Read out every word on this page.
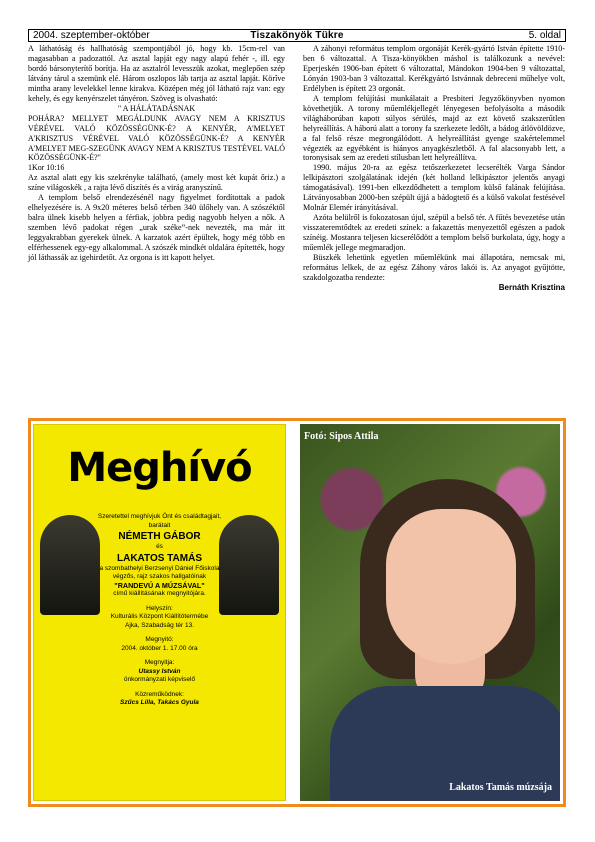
2004. szeptember-október	Tiszakönyök Tükre	5. oldal

A láthatóság és hallhatóság szempontjából jó, hogy kb. 15cm-rel van magasabban a padozattól. Az asztal lapját egy nagy alapú fehér -, ill. egy bordó bársonyterítő borítja. Ha az asztalról levesszük azokat, meglepően szép látvány tárul a szemünk elé. Három oszlopos láb tartja az asztal lapját. Körîve mintha arany levelekkel lenne kirakva. Középen még jól látható rajz van: egy kehely, és egy kenyérszelet tányéron. Szöveg is olvasható:

" A HÁLÁTADÁSNAK

POHÁRA? MELLYET MEGÁLDUNK AVAGY NEM A KRISZTUS VÉRÉVEL VALÓ KÖZÖSSÉGÜNK-É? A KENYÉR, A'MELYET A'KRISZTUS VÉRÉVEL VALÓ KÖZÖSSÉGÜNK-É? A KENYÉR A'MELYET MEG-SZEGÜNK AVAGY NEM A KRISZTUS TESTÉVEL VALÓ KÖZÖSSÉGÜNK-É?"

1Kor 10:16

Az asztal alatt egy kis szekrénykе található, (amely most két kupát őriz.) a színe világoskék , a rajta lévő díszítés és a virág aranyszínű.

A templom belső elrendezésénél nagy figyelmet fordítottak a padok elhelyezésére is. A 9x20 méteres belső térben 340 ülőhely van. A szószéktől balra ülnek kisebb helyen a férfiak, jobbra pedig nagyobb helyen a nők. A szemben lévő padokat régen „urak széke”-nek nevezték, ma már itt leggyakrabban gyerekek ülnek. A karzatok azért épültek, hogy még több en elférhessenek egy-egy alkalommal. A szószék mindkét oldalára építették, hogy jól láthassák az igehirdetőt. Az orgona is itt kapott helyet.

A záhonyi református templom orgonáját Kerék-gyártó István építette 1910-ben 6 változattal. A Tisza-könyökben máshol is találkozunk a nevével: Eperjeskén 1906-ban épített 6 változattal, Mándokon 1904-ben 9 változattal, Lónyán 1903-ban 3 változattal. Kerékgyártó Istvánnak debreceni műhelye volt, Erdélyben is épített 23 orgonát.

A templom felújítási munkálatait a Presbiteri Jegyzőkönyvben nyomon követhetjük. A torony műemlékjellegét lényegesen befolyásolta a második világháborúban kapott súlyos sérülés, majd az ezt követő szakszerűtlen helyreállítás. A háború alatt a torony fa szerkezete ledőlt, a bádog átlövöldözve, a fal felső része megrongálódott. A helyreállítást gyenge szakértelemmel végezték az egyébként is hiányos anyagkészletből. A fal alacsonyabb lett, a toronysisak sem az eredeti stílusban lett helyreállítva.

1990. május 20-ra az egész tetőszerkezetet lecserélték Varga Sándor lelkipásztori szolgálatának idején (két holland lelkipásztor jelentős anyagi támogatásával). 1991-ben elkezdődhetett a templom külső falának felújítása. Látványosabban 2000-ben szépült újjá a bádogtető és a külső vakolat festésével Molnár Elemér irányításával.

Azóta belülről is fokozatosan újul, szépül a belső tér. A fűtés bevezetése után visszateremtődtek az eredeti színek: a fakazettás menyezettől egészen a padok színéig. Mostanra teljesen kicserélődött a templom belső burkolata, úgy, hogy a műemlék jellege megmaradjon.

Büszkék lehetünk egyetlen műemlékünk mai állapotára, nemcsak mi, református lelkek, de az egész Záhony város lakói is. Az anyagot gyűjtötte, szakdolgozatba rendezte:

Bernáth Krisztina

Meghívó
Szeretettel meghívjuk Önt és családtagjait, barátait
NÉMETH GÁBOR
és
LAKATOS TAMÁS
a szombathelyi Berzsenyi Dániel Főiskola végzős, rajz szakos hallgatóinak
"RANDEVÚ A MÚZSÁVAL"
című kiállításának megnyitójára.
Helyszín:
Kulturális Központ Kiállítótermébe
Ajka, Szabadság tér 13.
Megnyitó:
2004. október 1. 17.00 óra
Megnyitja:
Utassy István
önkormányzati képviselő
Közreműködnek:
Szűcs Lilla, Takács Gyula
Fotó: Sipos Attila
Lakatos Tamás múzsája
